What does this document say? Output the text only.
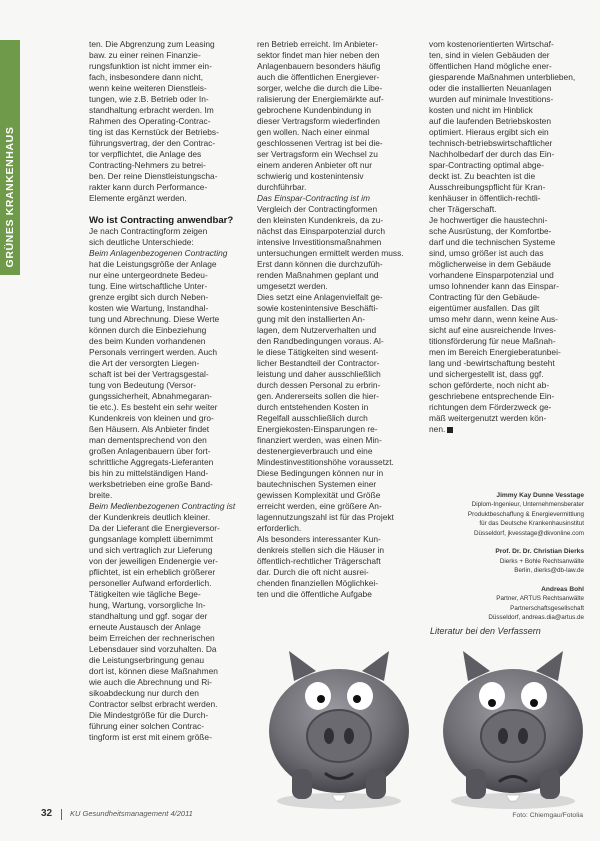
GRÜNES KRANKENHAUS
ten. Die Abgrenzung zum Leasing
baw. zu einer reinen Finanzie-
rungsfunktion ist nicht immer ein-
fach, insbesondere dann nicht,
wenn keine weiteren Dienstleis-
tungen, wie z.B. Betrieb oder In-
standhaltung erbracht werden. Im
Rahmen des Operating-Contrac-
ting ist das Kernstück der Betriebs-
führungsvertrag, der den Contrac-
tor verpflichtet, die Anlage des
Contracting-Nehmers zu betrei-
ben. Der reine Dienstleistungscha-
rakter kann durch Performance-
Elemente ergänzt werden.
Wo ist Contracting anwendbar?
Je nach Contractingform zeigen
sich deutliche Unterschiede:
Beim Anlagenbezogenen Contracting
hat die Leistungsgröße der Anlage
nur eine untergeordnete Bedeu-
tung. Eine wirtschaftliche Unter-
grenze ergibt sich durch Neben-
kosten wie Wartung, Instandhal-
tung und Abrechnung. Diese Werte
können durch die Einbeziehung
des beim Kunden vorhandenen
Personals verringert werden. Auch
die Art der versorgten Liegen-
schaft ist bei der Vertragsgestal-
tung von Bedeutung (Versor-
gungssicherheit, Abnahmegaran-
tie etc.). Es besteht ein sehr weiter
Kundenkreis von kleinen und gro-
ßen Häusern. Als Anbieter findet
man dementsprechend von den
großen Anlagenbauern über fort-
schrittliche Aggregats-Lieferanten
bis hin zu mittelständigen Hand-
werksbetrieben eine große Band-
breite.
Beim Medienbezogenen Contracting ist
der Kundenkreis deutlich kleiner.
Da der Lieferant die Energieversor-
gungsanlage komplett übernimmt
und sich vertraglich zur Lieferung
von der jeweiligen Endenergie ver-
pflichtet, ist ein erheblich größerer
personeller Aufwand erforderlich.
Tätigkeiten wie tägliche Bege-
hung, Wartung, vorsorgliche In-
standhaltung und ggf. sogar der
erneute Austausch der Anlage
beim Erreichen der rechnerischen
Lebensdauer sind vorzuhalten. Da
die Leistungserbringung genau
dort ist, können diese Maßnahmen
wie auch die Abrechnung und Ri-
sikoabdeckung nur durch den
Contractor selbst erbracht werden.
Die Mindestgröße für die Durch-
führung einer solchen Contrac-
tingform ist erst mit einem größe-
ren Betrieb erreicht. Im Anbieter-
sektor findet man hier neben den
Anlagenbauern besonders häufig
auch die öffentlichen Energiever-
sorger, welche die durch die Libe-
ralisierung der Energiemärkte auf-
gebrochene Kundenbindung in
dieser Vertragsform wiederfinden
gen wollen. Nach einer einmal
geschlossenen Vertrag ist bei die-
ser Vertragsform ein Wechsel zu
einem anderen Anbieter oft nur
schwierig und kostenintensiv
durchführbar.
Das Einspar-Contracting ist im
Vergleich der Contractingformen
den kleinsten Kundenkreis, da zu-
nächst das Einsparpotenzial durch
intensive Investitionsmaßnahmen
untersuchungen ermittelt werden muss.
Erst dann können die durchzufüh-
renden Maßnahmen geplant und
umgesetzt werden.
Dies setzt eine Anlagenvielfalt ge-
sowie kostenintensive Beschäfti-
gung mit den installierten An-
lagen, dem Nutzerverhalten und
den Randbedingungen voraus. Al-
le diese Tätigkeiten sind wesent-
licher Bestandteil der Contractor-
leistung und daher ausschließlich
durch dessen Personal zu erbrin-
gen. Andererseits sollen die hier-
durch entstehenden Kosten in
Regelfall ausschließlich durch
Energiekosten-Einsparungen re-
finanziert werden, was einen Min-
destenergieverbrauch und eine
Mindestinvestitionshöhe voraussetzt.
Diese Bedingungen können nur in
bautechnischen Systemen einer
gewissen Komplexität und Größe
erreicht werden, eine größere An-
lagennutzungszahl ist für das Projekt
erforderlich.
Als besonders interessanter Kun-
denkreis stellen sich die Häuser in
öffentlich-rechtlicher Trägerschaft
dar. Durch die oft nicht ausrei-
chenden finanziellen Möglichkei-
ten und die öffentliche Aufgabe
vom kostenorientierten Wirtschaf-
ten, sind in vielen Gebäuden der
öffentlichen Hand mögliche ener-
giesparende Maßnahmen unterblieben,
oder die installierten Neuanlagen
wurden auf minimale Investitions-
kosten und nicht im Hinblick
auf die laufenden Betriebskosten
optimiert. Hieraus ergibt sich ein
technisch-betriebswirtschaftlicher
Nachholbedarf der durch das Ein-
spar-Contracting optimal abge-
deckt ist. Zu beachten ist die
Ausschreibungspflicht für Kran-
kenhäuser in öffentlich-rechtli-
cher Trägerschaft.
Je hochwertiger die haustechni-
sche Ausrüstung, der Komfortbe-
darf und die technischen Systeme
sind, umso größer ist auch das
möglicherweise in dem Gebäude
vorhandene Einsparpotenzial und
umso lohnender kann das Einspar-
Contracting für den Gebäude-
eigentümer ausfallen. Das gilt
umso mehr dann, wenn keine Aus-
sicht auf eine ausreichende Inves-
titionsförderung für neue Maßnah-
men im Bereich Energieberatunbei-
lang und -bewirtschaftung besteht
und sichergestellt ist, dass ggf.
schon geförderte, noch nicht ab-
geschriebene entsprechende Ein-
richtungen dem Förderzweck ge-
mäß weitergenutzt werden kön-
nen.
Jimmy Kay Dunne Vesstage
Diplom-Ingenieur, Unternehmensberater
Produktbeschaffung & Energievermittlung
für das Deutsche Krankenhausinstitut
Düsseldorf, jkvesstage@dkvonline.com
Prof. Dr. Dr. Christian Dierks
Dierks + Bohle Rechtsanwälte
Berlin, dierks@db-law.de
Andreas Bohl
Partner, ARTUS Rechtsanwälte
Partnerschaftsgesellschaft
Düsseldorf, andreas.dia@artus.de
Literatur bei den Verfassern
32 KU Gesundheitsmanagement 4/2011	Foto: Chiemgau/Fotolia
